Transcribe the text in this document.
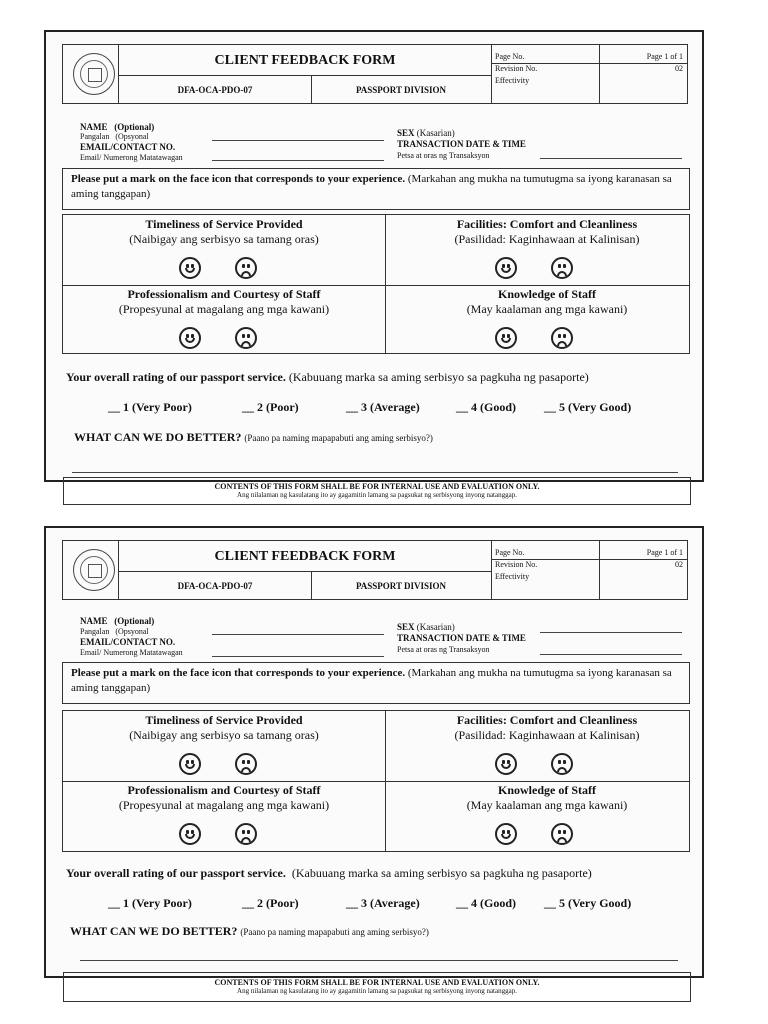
CLIENT FEEDBACK FORM
DFA-OCA-PDO-07	PASSPORT DIVISION
Page No.	Page 1 of 1
Revision No.	02
Effectivity
NAME (Optional)
Pangalan (Opsyonal
EMAIL/CONTACT NO.
Email/ Numerong Matatawagan
SEX (Kasarian)
TRANSACTION DATE & TIME
Petsa at oras ng Transaksyon
Please put a mark on the face icon that corresponds to your experience. (Markahan ang mukha na tumutugma sa iyong karanasan sa aming tanggapan)
Timeliness of Service Provided
(Naibigay ang serbisyo sa tamang oras)
Facilities: Comfort and Cleanliness
(Pasilidad: Kaginhawaan at Kalinisan)
Professionalism and Courtesy of Staff
(Propesyunal at magalang ang mga kawani)
Knowledge of Staff
(May kaalaman ang mga kawani)
Your overall rating of our passport service. (Kabuuang marka sa aming serbisyo sa pagkuha ng pasaporte)
__ 1 (Very Poor)	__ 2 (Poor)	__ 3 (Average)	__ 4 (Good) __ 5 (Very Good)
WHAT CAN WE DO BETTER? (Paano pa naming mapapabuti ang aming serbisyo?)
CONTENTS OF THIS FORM SHALL BE FOR INTERNAL USE AND EVALUATION ONLY.
Ang nilalaman ng kasulatang ito ay gagamitin lamang sa pagsukat ng serbisyong inyong natanggap.
CLIENT FEEDBACK FORM
DFA-OCA-PDO-07	PASSPORT DIVISION
Page No.	Page 1 of 1
Revision No.	02
Effectivity
NAME (Optional)
Pangalan (Opsyonal
EMAIL/CONTACT NO.
Email/ Numerong Matatawagan
SEX (Kasarian)
TRANSACTION DATE & TIME
Petsa at oras ng Transaksyon
Please put a mark on the face icon that corresponds to your experience. (Markahan ang mukha na tumutugma sa iyong karanasan sa aming tanggapan)
Timeliness of Service Provided
(Naibigay ang serbisyo sa tamang oras)
Facilities: Comfort and Cleanliness
(Pasilidad: Kaginhawaan at Kalinisan)
Professionalism and Courtesy of Staff
(Propesyunal at magalang ang mga kawani)
Knowledge of Staff
(May kaalaman ang mga kawani)
Your overall rating of our passport service. (Kabuuang marka sa aming serbisyo sa pagkuha ng pasaporte)
__ 1 (Very Poor)	__ 2 (Poor)	__ 3 (Average)	__ 4 (Good) __ 5 (Very Good)
WHAT CAN WE DO BETTER? (Paano pa naming mapapabuti ang aming serbisyo?)
CONTENTS OF THIS FORM SHALL BE FOR INTERNAL USE AND EVALUATION ONLY.
Ang nilalaman ng kasulatang ito ay gagamitin lamang sa pagsukat ng serbisyong inyong natanggap.
